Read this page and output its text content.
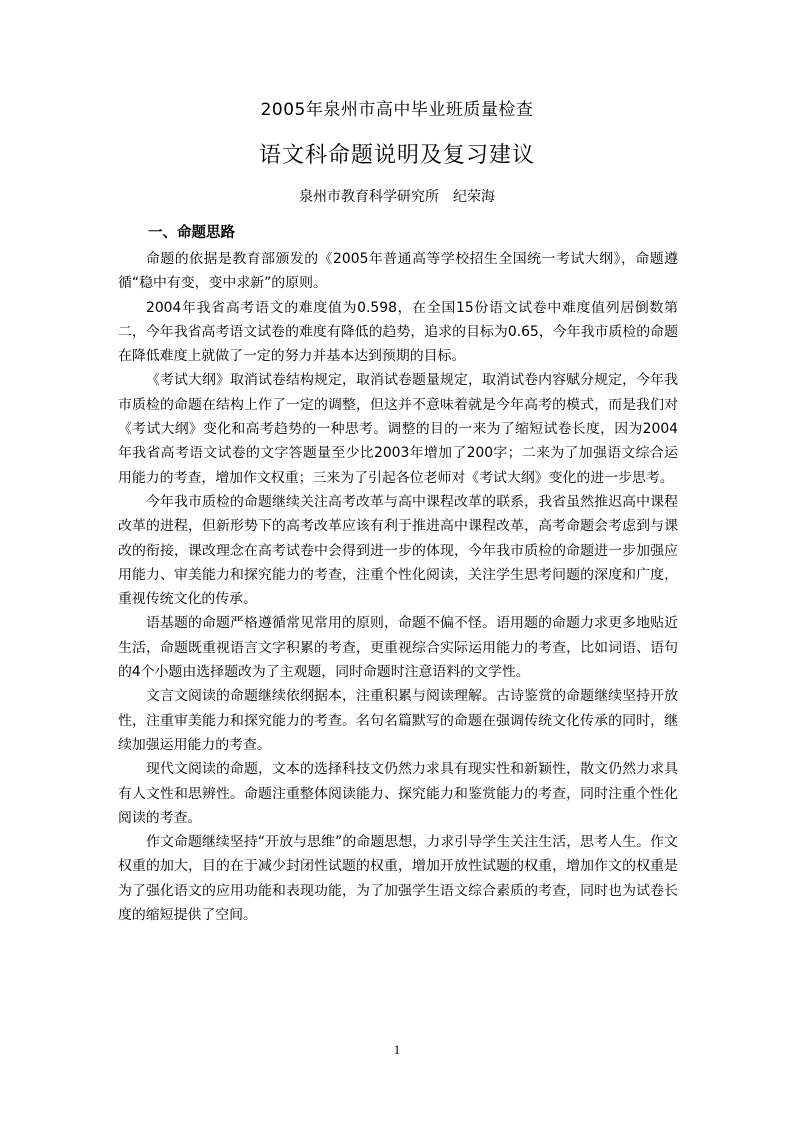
2005年泉州市高中毕业班质量检查
语文科命题说明及复习建议
泉州市教育科学研究所 纪荣海
一、命题思路

命题的依据是教育部颁发的《2005年普通高等学校招生全国统一考试大纲》，命题遵循“稳中有变，变中求新”的原则。

2004年我省高考语文的难度值为0.598，在全国15份语文试卷中难度值列居倒数第二，今年我省高考语文试卷的难度有降低的趋势，追求的目标为0.65，今年我市质检的命题在降低难度上就做了一定的努力并基本达到预期的目标。

《考试大纲》取消试卷结构规定，取消试卷题量规定，取消试卷内容赋分规定，今年我市质检的命题在结构上作了一定的调整，但这并不意味着就是今年高考的模式，而是我们对《考试大纲》变化和高考趋势的一种思考。调整的目的一来为了缩短试卷长度，因为2004年我省高考语文试卷的文字答题量至少比2003年增加了200字；二来为了加强语文综合运用能力的考查，增加作文权重；三来为了引起各位老师对《考试大纲》变化的进一步思考。

今年我市质检的命题继续关注高考改革与高中课程改革的联系，我省虽然推迟高中课程改革的进程，但新形势下的高考改革应该有利于推进高中课程改革，高考命题会考虑到与课改的衔接，课改理念在高考试卷中会得到进一步的体现，今年我市质检的命题进一步加强应用能力、审美能力和探究能力的考查，注重个性化阅读，关注学生思考问题的深度和广度，重视传统文化的传承。

语基题的命题严格遵循常见常用的原则，命题不偏不怪。语用题的命题力求更多地贴近生活，命题既重视语言文字积累的考查，更重视综合实际运用能力的考查，比如词语、语句的4个小题由选择题改为了主观题，同时命题时注意语料的文学性。

文言文阅读的命题继续依纲据本，注重积累与阅读理解。古诗鉴赏的命题继续坚持开放性，注重审美能力和探究能力的考查。名句名篇默写的命题在强调传统文化传承的同时，继续加强运用能力的考查。

现代文阅读的命题，文本的选择科技文仍然力求具有现实性和新颖性，散文仍然力求具有人文性和思辨性。命题注重整体阅读能力、探究能力和鉴赏能力的考查，同时注重个性化阅读的考查。

作文命题继续坚持“开放与思维”的命题思想，力求引导学生关注生活，思考人生。作文权重的加大，目的在于减少封闭性试题的权重，增加开放性试题的权重，增加作文的权重是为了强化语文的应用功能和表现功能，为了加强学生语文综合素质的考查，同时也为试卷长度的缩短提供了空间。

1
